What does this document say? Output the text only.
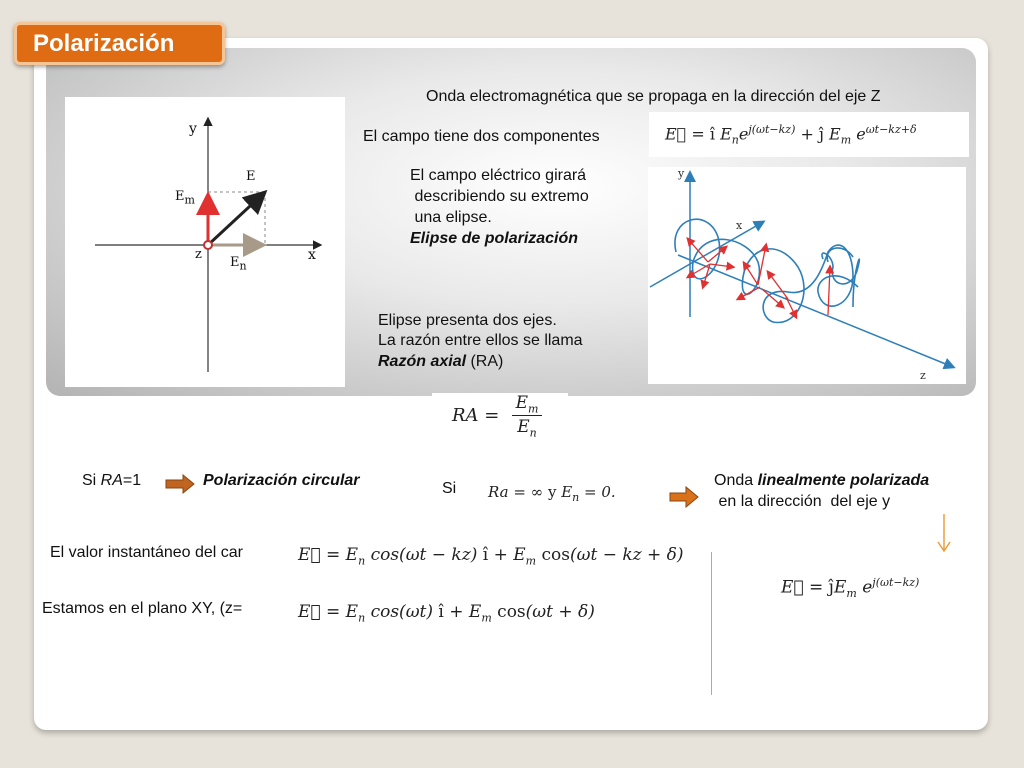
Polarización
y
x
z
E
$E_m$
$E_n$
Onda electromagnética que se propaga en la dirección del eje Z
El campo tiene dos componentes	E⃗ = î $E_ne^{j(\omega t-kz)}$ + ĵ $E_m$ $e^{\omega t-kz+\delta}$
El campo eléctrico girará
describiendo su extremo
una elipse.
Elipse de polarización
Elipse presenta dos ejes.
La razón entre ellos se llama
Razón axial (RA)
y
x
z
RA =
$E_m$
$E_n$
Si RA=1	Polarización circular	Si Ra = ∞ y $E_n = 0$.
Onda linealmente polarizada
en la dirección  del eje y
E⃗ = $ĵE_m$ $e^{j(\omega t-kz)}$
El valor instantáneo del car	E⃗ = $E_n$ cos(ωt − kz) î + $E_m$ cos(ωt − kz + δ)
Estamos en el plano XY, (z=	E⃗ = $E_n$ cos(ωt) î + $E_m$ cos(ωt + δ)
